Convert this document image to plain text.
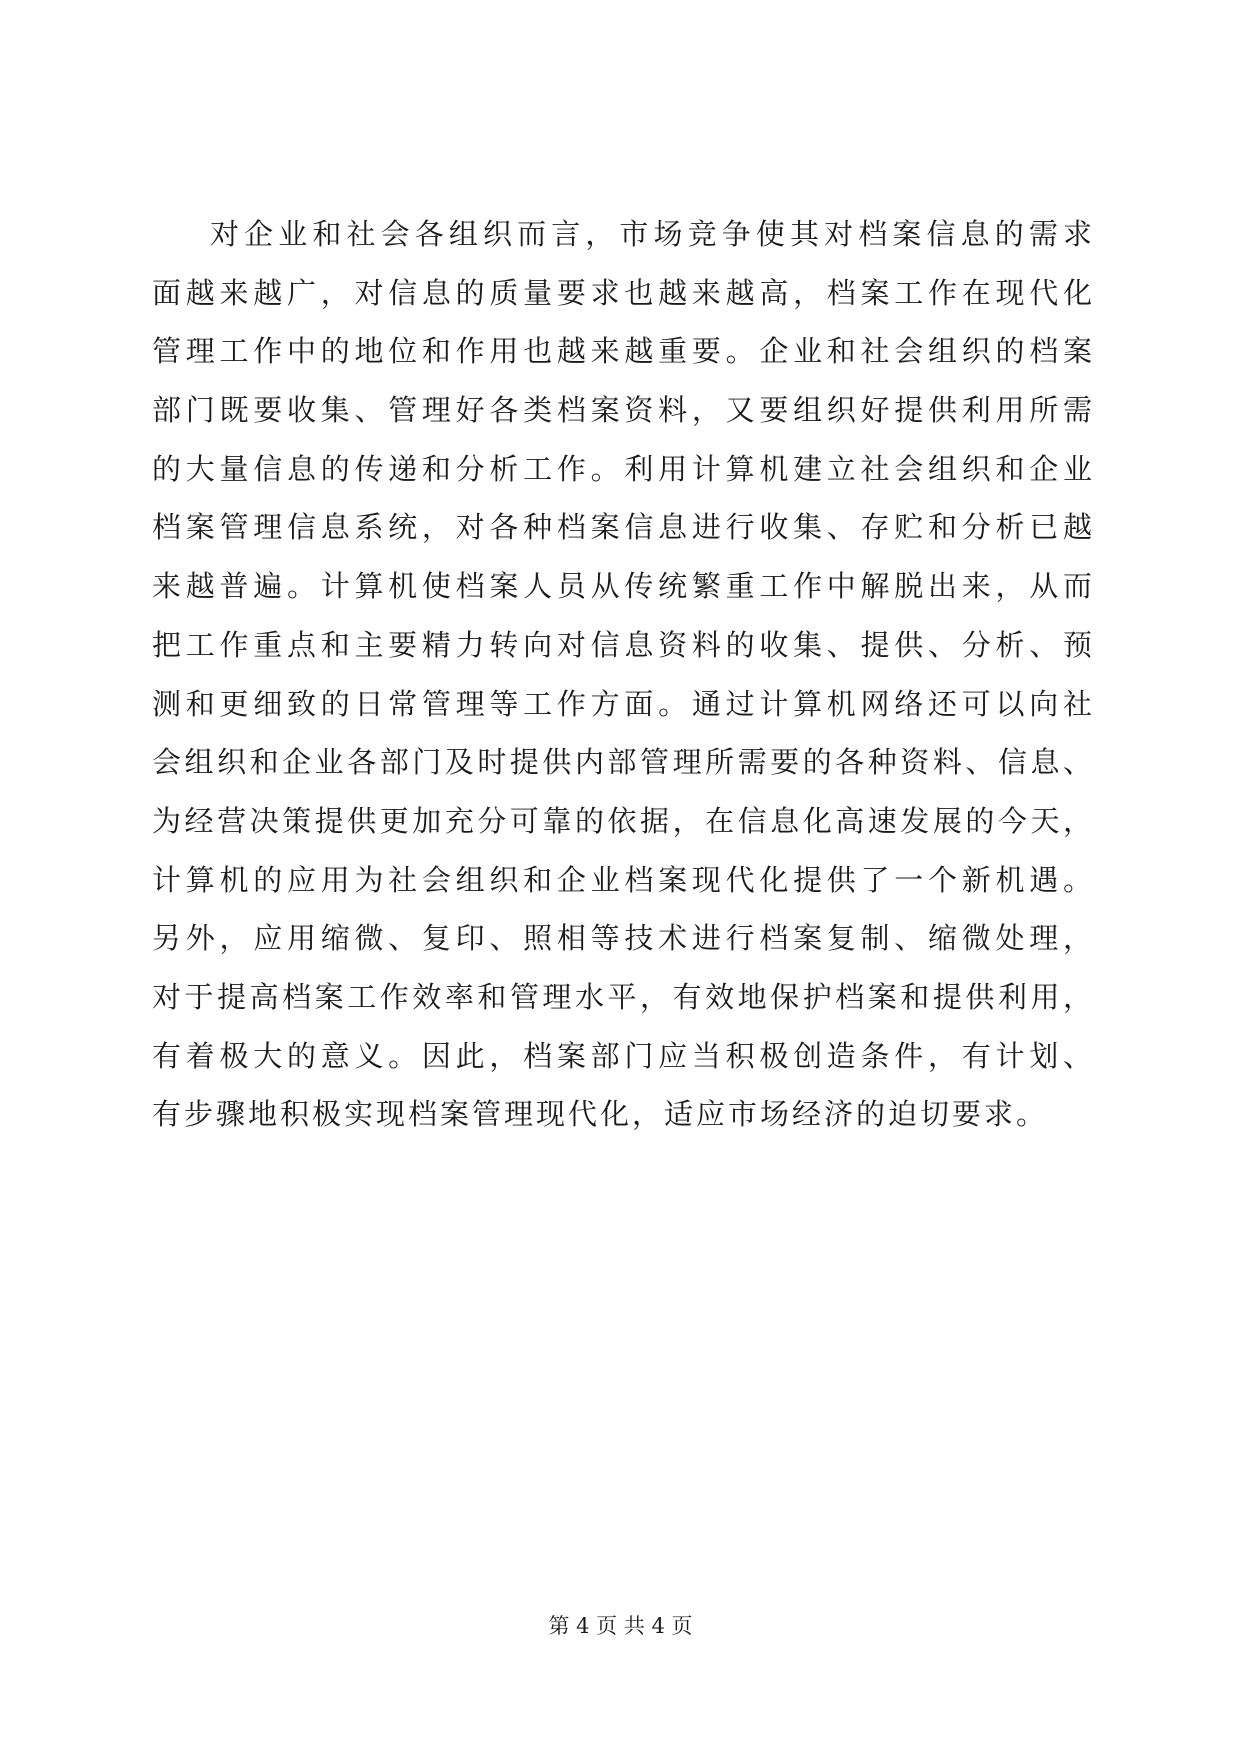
对企业和社会各组织而言，市场竞争使其对档案信息的需求
面越来越广，对信息的质量要求也越来越高，档案工作在现代化
管理工作中的地位和作用也越来越重要。企业和社会组织的档案
部门既要收集、管理好各类档案资料，又要组织好提供利用所需
的大量信息的传递和分析工作。利用计算机建立社会组织和企业
档案管理信息系统，对各种档案信息进行收集、存贮和分析已越
来越普遍。计算机使档案人员从传统繁重工作中解脱出来，从而
把工作重点和主要精力转向对信息资料的收集、提供、分析、预
测和更细致的日常管理等工作方面。通过计算机网络还可以向社
会组织和企业各部门及时提供内部管理所需要的各种资料、信息、
为经营决策提供更加充分可靠的依据，在信息化高速发展的今天，
计算机的应用为社会组织和企业档案现代化提供了一个新机遇。
另外，应用缩微、复印、照相等技术进行档案复制、缩微处理，
对于提高档案工作效率和管理水平，有效地保护档案和提供利用，
有着极大的意义。因此，档案部门应当积极创造条件，有计划、
有步骤地积极实现档案管理现代化，适应市场经济的迫切要求。
第 4 页 共 4 页
